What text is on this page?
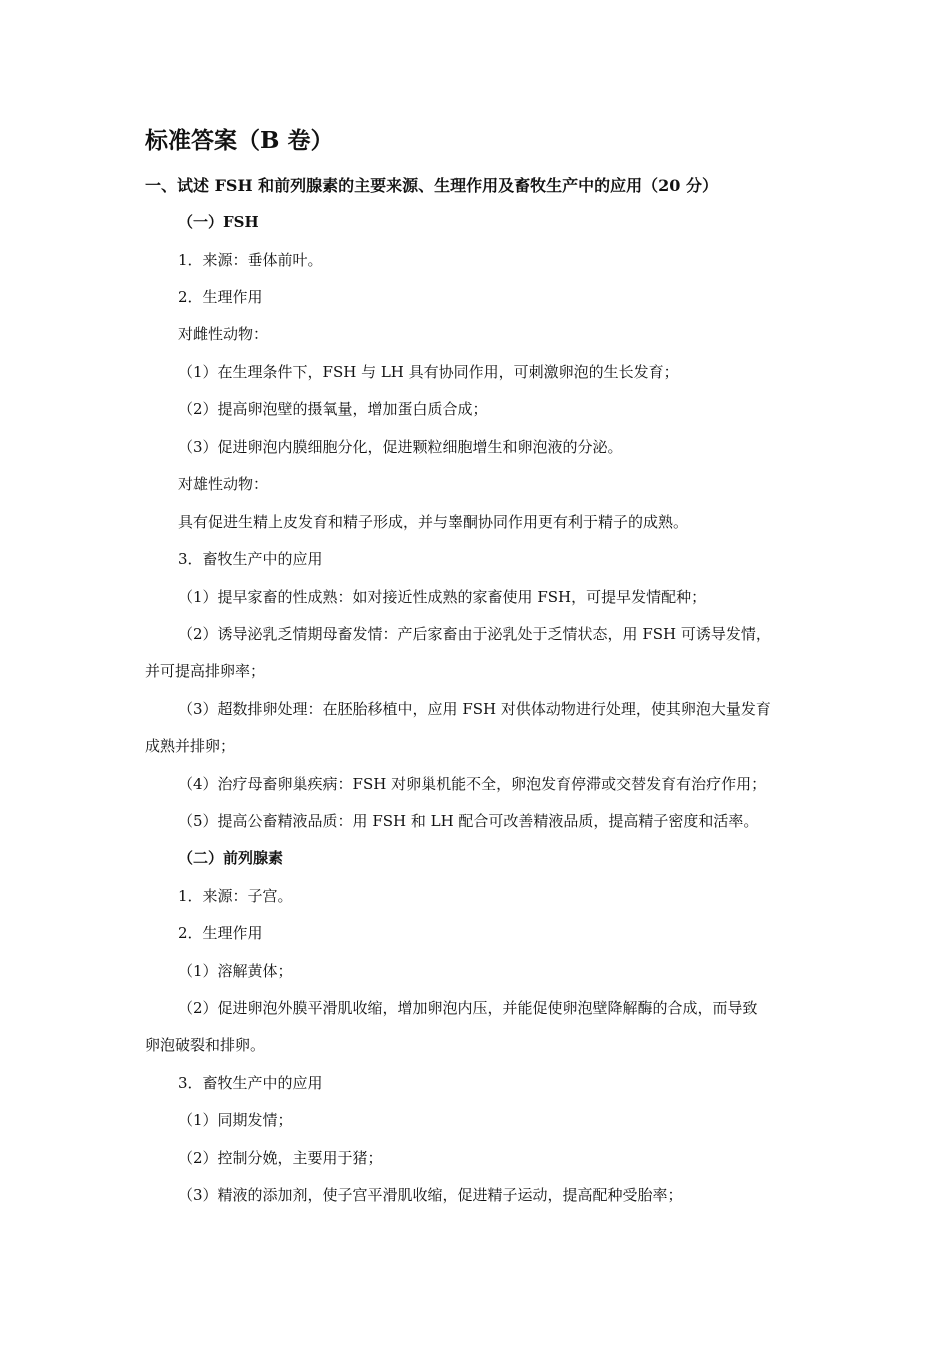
标准答案（B 卷）
一、试述 FSH 和前列腺素的主要来源、生理作用及畜牧生产中的应用（20 分）
（一）FSH
1．来源：垂体前叶。
2．生理作用
对雌性动物：
（1）在生理条件下，FSH 与 LH 具有协同作用，可刺激卵泡的生长发育；
（2）提高卵泡壁的摄氧量，增加蛋白质合成；
（3）促进卵泡内膜细胞分化，促进颗粒细胞增生和卵泡液的分泌。
对雄性动物：
具有促进生精上皮发育和精子形成，并与睾酮协同作用更有利于精子的成熟。
3．畜牧生产中的应用
（1）提早家畜的性成熟：如对接近性成熟的家畜使用 FSH，可提早发情配种；
（2）诱导泌乳乏情期母畜发情：产后家畜由于泌乳处于乏情状态，用 FSH 可诱导发情，
并可提高排卵率；
（3）超数排卵处理：在胚胎移植中，应用 FSH 对供体动物进行处理，使其卵泡大量发育
成熟并排卵；
（4）治疗母畜卵巢疾病：FSH 对卵巢机能不全，卵泡发育停滞或交替发育有治疗作用；
（5）提高公畜精液品质：用 FSH 和 LH 配合可改善精液品质，提高精子密度和活率。
（二）前列腺素
1．来源：子宫。
2．生理作用
（1）溶解黄体；
（2）促进卵泡外膜平滑肌收缩，增加卵泡内压，并能促使卵泡壁降解酶的合成，而导致
卵泡破裂和排卵。
3．畜牧生产中的应用
（1）同期发情；
（2）控制分娩，主要用于猪；
（3）精液的添加剂，使子宫平滑肌收缩，促进精子运动，提高配种受胎率；
